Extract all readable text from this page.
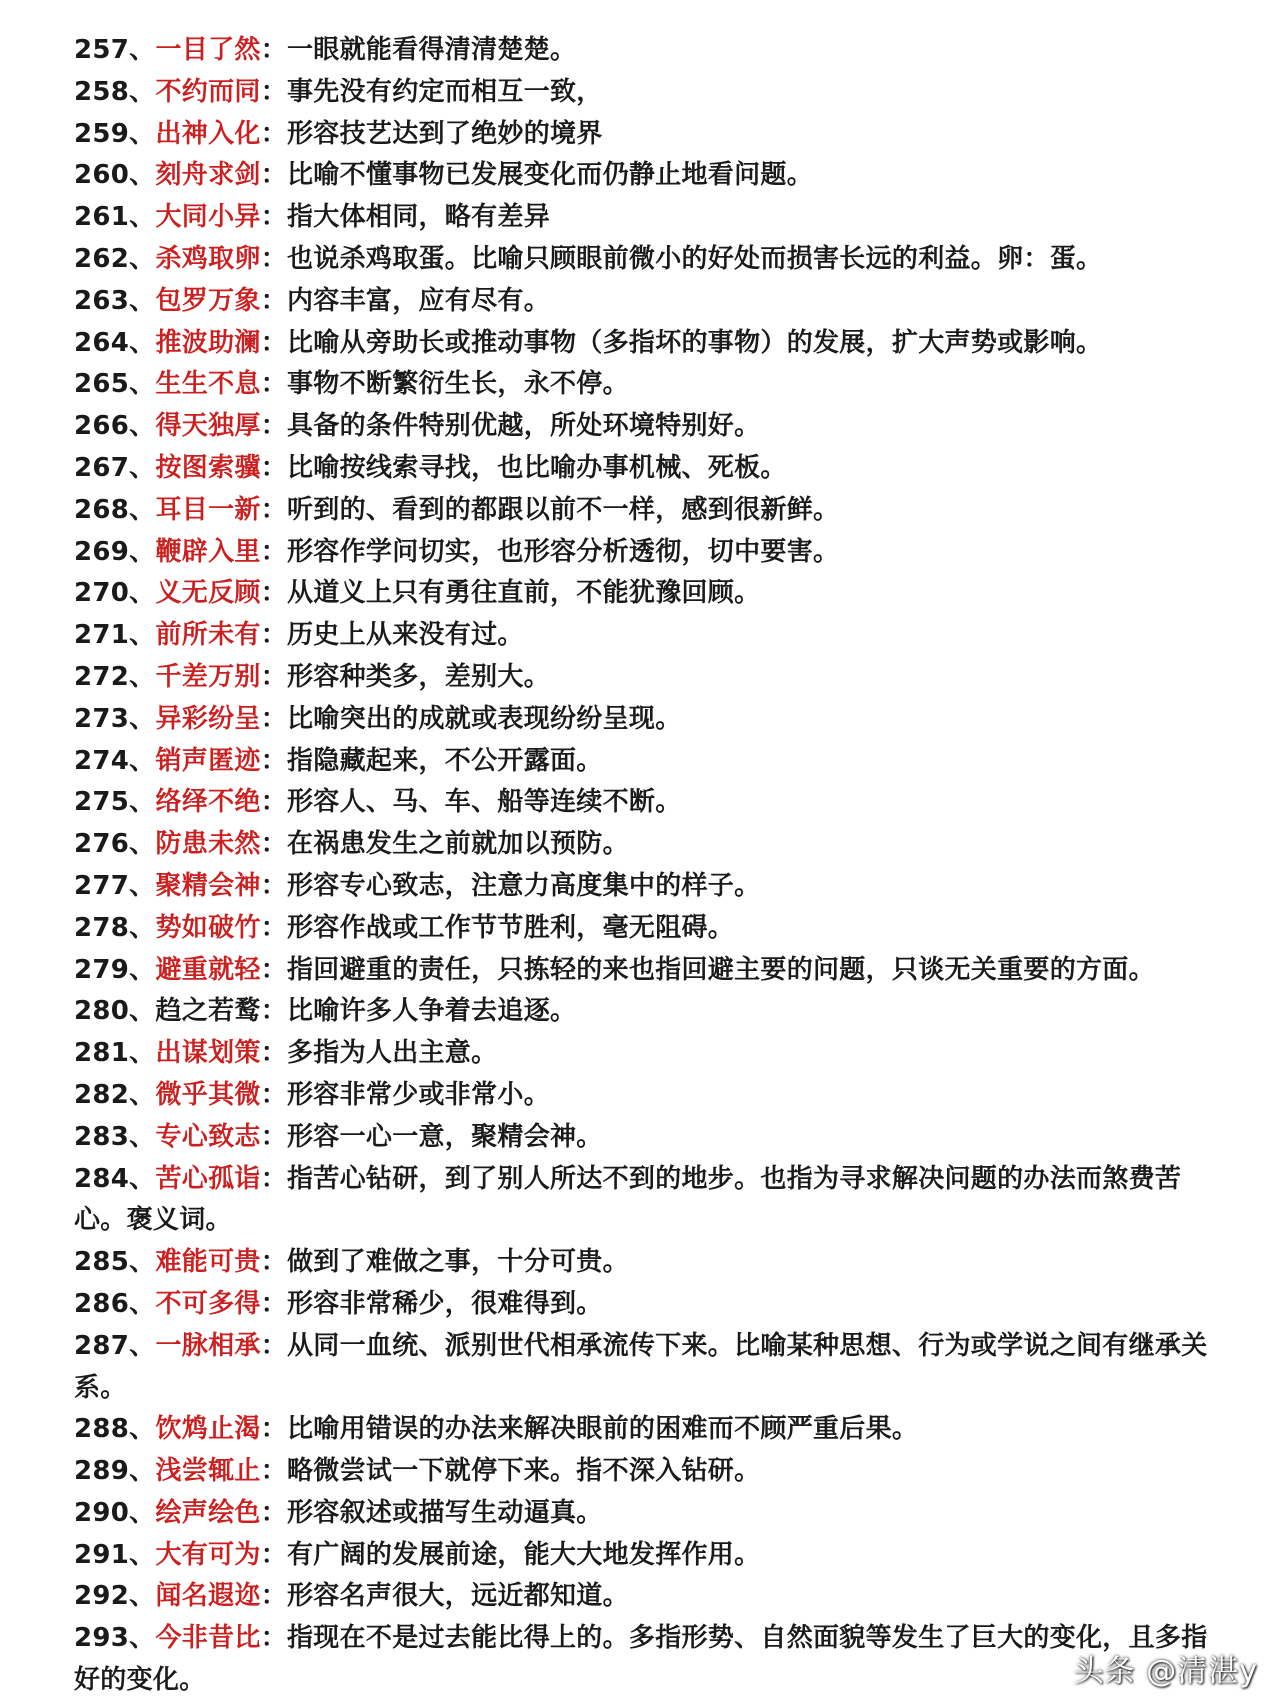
257、一目了然：一眼就能看得清清楚楚。
258、不约而同：事先没有约定而相互一致，
259、出神入化：形容技艺达到了绝妙的境界
260、刻舟求剑：比喻不懂事物已发展变化而仍静止地看问题。
261、大同小异：指大体相同，略有差异
262、杀鸡取卵：也说杀鸡取蛋。比喻只顾眼前微小的好处而损害长远的利益。卵：蛋。
263、包罗万象：内容丰富，应有尽有。
264、推波助澜：比喻从旁助长或推动事物（多指坏的事物）的发展，扩大声势或影响。
265、生生不息：事物不断繁衍生长，永不停。
266、得天独厚：具备的条件特别优越，所处环境特别好。
267、按图索骥：比喻按线索寻找，也比喻办事机械、死板。
268、耳目一新：听到的、看到的都跟以前不一样，感到很新鲜。
269、鞭辟入里：形容作学问切实，也形容分析透彻，切中要害。
270、义无反顾：从道义上只有勇往直前，不能犹豫回顾。
271、前所未有：历史上从来没有过。
272、千差万别：形容种类多，差别大。
273、异彩纷呈：比喻突出的成就或表现纷纷呈现。
274、销声匿迹：指隐藏起来，不公开露面。
275、络绎不绝：形容人、马、车、船等连续不断。
276、防患未然：在祸患发生之前就加以预防。
277、聚精会神：形容专心致志，注意力高度集中的样子。
278、势如破竹：形容作战或工作节节胜利，毫无阻碍。
279、避重就轻：指回避重的责任，只拣轻的来也指回避主要的问题，只谈无关重要的方面。
280、趋之若鹜：比喻许多人争着去追逐。
281、出谋划策：多指为人出主意。
282、微乎其微：形容非常少或非常小。
283、专心致志：形容一心一意，聚精会神。
284、苦心孤诣：指苦心钻研，到了别人所达不到的地步。也指为寻求解决问题的办法而煞费苦心。褒义词。
285、难能可贵：做到了难做之事，十分可贵。
286、不可多得：形容非常稀少，很难得到。
287、一脉相承：从同一血统、派别世代相承流传下来。比喻某种思想、行为或学说之间有继承关系。
288、饮鸩止渴：比喻用错误的办法来解决眼前的困难而不顾严重后果。
289、浅尝辄止：略微尝试一下就停下来。指不深入钻研。
290、绘声绘色：形容叙述或描写生动逼真。
291、大有可为：有广阔的发展前途，能大大地发挥作用。
292、闻名遐迩：形容名声很大，远近都知道。
293、今非昔比：指现在不是过去能比得上的。多指形势、自然面貌等发生了巨大的变化，且多指好的变化。	头条 @清湛y
